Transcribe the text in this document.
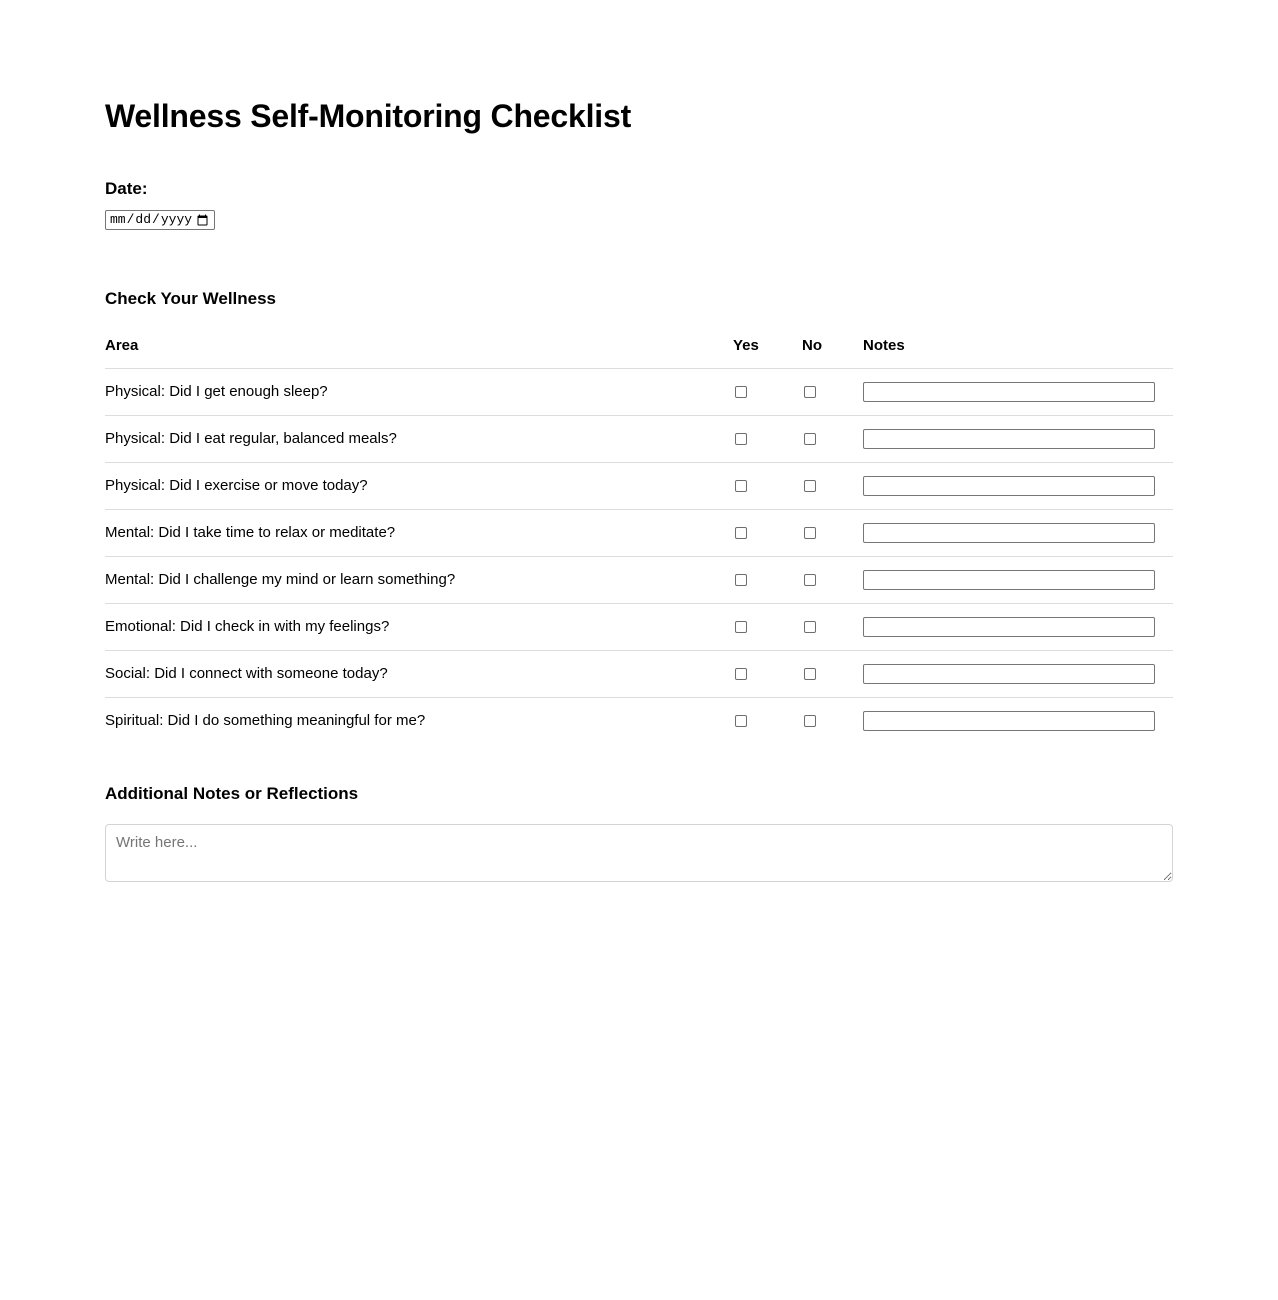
Wellness Self-Monitoring Checklist
Date:
mm/dd/yyyy
Check Your Wellness
Area	Yes	No	Notes
Physical: Did I get enough sleep?			
Physical: Did I eat regular, balanced meals?			
Physical: Did I exercise or move today?			
Mental: Did I take time to relax or meditate?			
Mental: Did I challenge my mind or learn something?			
Emotional: Did I check in with my feelings?			
Social: Did I connect with someone today?			
Spiritual: Did I do something meaningful for me?			
Additional Notes or Reflections
Write here...
